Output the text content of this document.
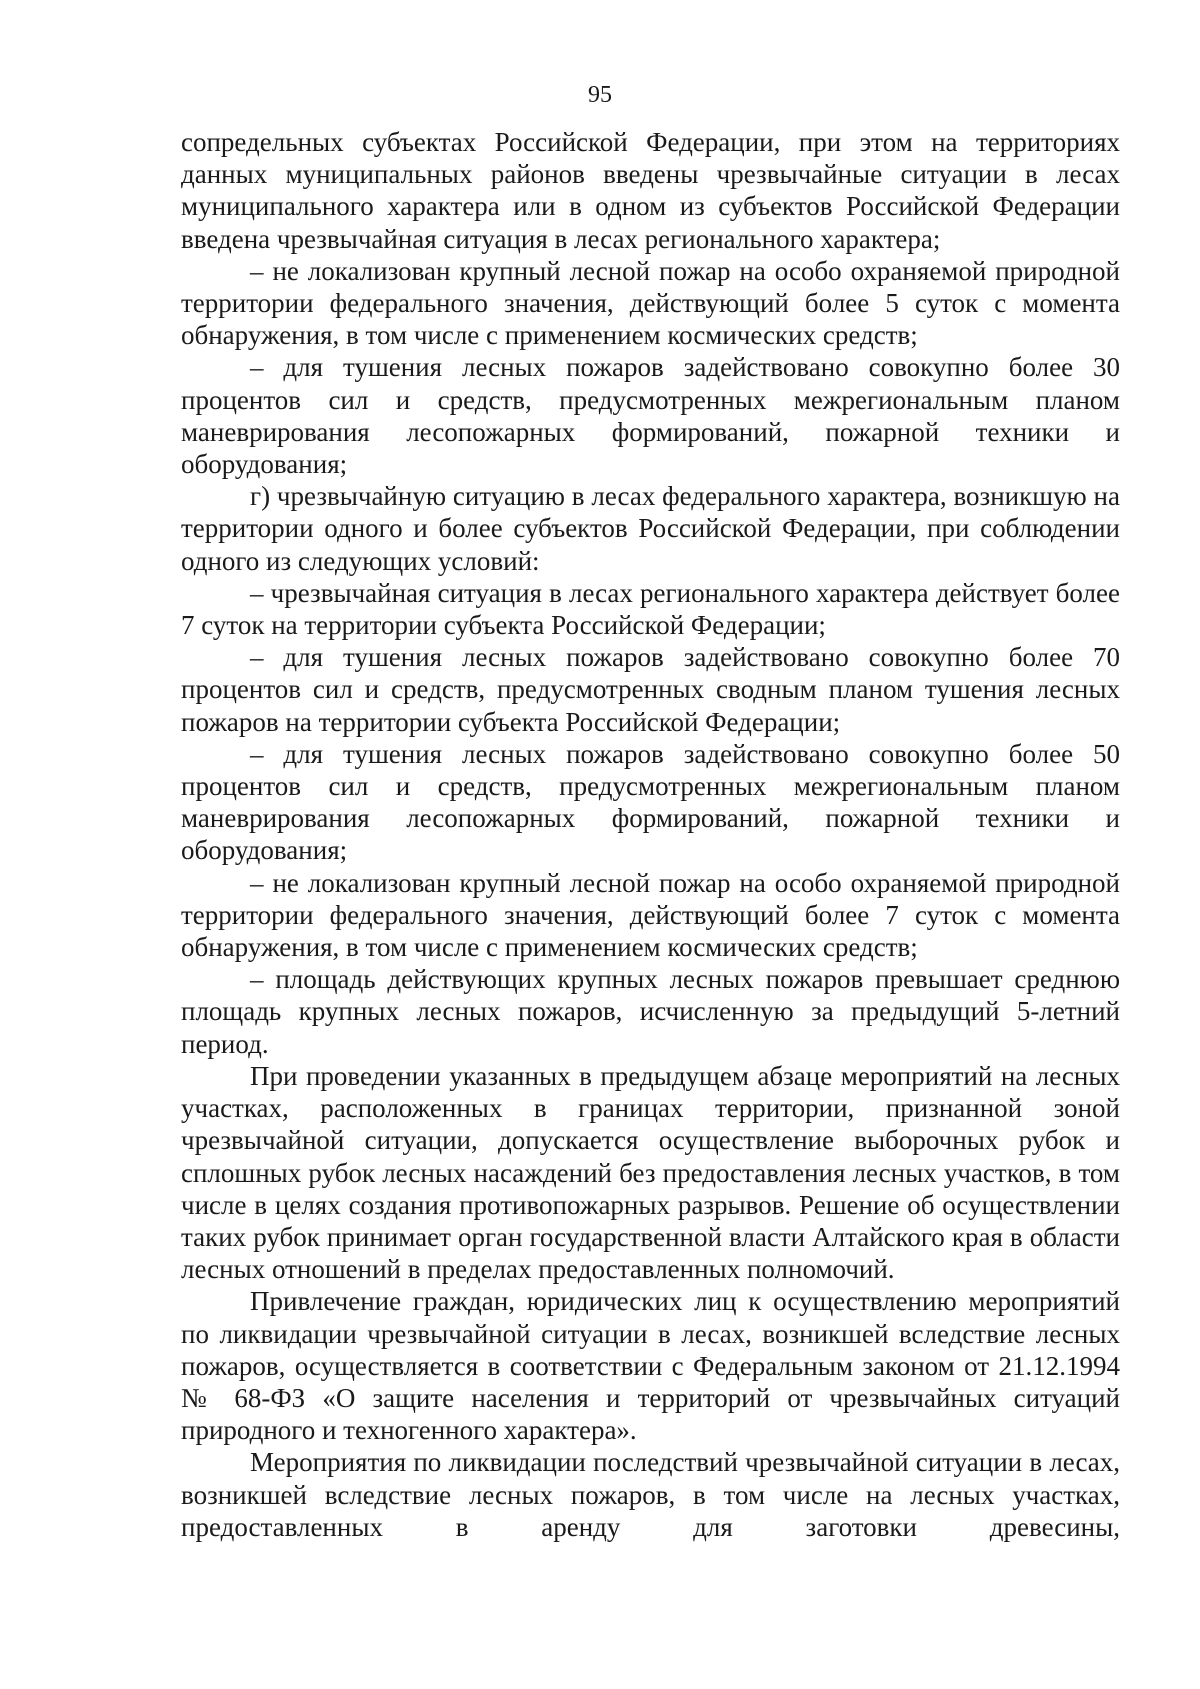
95

сопредельных субъектах Российской Федерации, при этом на территориях данных муниципальных районов введены чрезвычайные ситуации в лесах муниципального характера или в одном из субъектов Российской Федерации введена чрезвычайная ситуация в лесах регионального характера;

– не локализован крупный лесной пожар на особо охраняемой природной территории федерального значения, действующий более 5 суток с момента обнаружения, в том числе с применением космических средств;

– для тушения лесных пожаров задействовано совокупно более 30 процентов сил и средств, предусмотренных межрегиональным планом маневрирования лесопожарных формирований, пожарной техники и оборудования;

г) чрезвычайную ситуацию в лесах федерального характера, возникшую на территории одного и более субъектов Российской Федерации, при соблюдении одного из следующих условий:

– чрезвычайная ситуация в лесах регионального характера действует более 7 суток на территории субъекта Российской Федерации;

– для тушения лесных пожаров задействовано совокупно более 70 процентов сил и средств, предусмотренных сводным планом тушения лесных пожаров на территории субъекта Российской Федерации;

– для тушения лесных пожаров задействовано совокупно более 50 процентов сил и средств, предусмотренных межрегиональным планом маневрирования лесопожарных формирований, пожарной техники и оборудования;

– не локализован крупный лесной пожар на особо охраняемой природной территории федерального значения, действующий более 7 суток с момента обнаружения, в том числе с применением космических средств;

– площадь действующих крупных лесных пожаров превышает среднюю площадь крупных лесных пожаров, исчисленную за предыдущий 5-летний период.

При проведении указанных в предыдущем абзаце мероприятий на лесных участках, расположенных в границах территории, признанной зоной чрезвычайной ситуации, допускается осуществление выборочных рубок и сплошных рубок лесных насаждений без предоставления лесных участков, в том числе в целях создания противопожарных разрывов. Решение об осуществлении таких рубок принимает орган государственной власти Алтайского края в области лесных отношений в пределах предоставленных полномочий.

Привлечение граждан, юридических лиц к осуществлению мероприятий по ликвидации чрезвычайной ситуации в лесах, возникшей вследствие лесных пожаров, осуществляется в соответствии с Федеральным законом от 21.12.1994 № 68-ФЗ «О защите населения и территорий от чрезвычайных ситуаций природного и техногенного характера».

Мероприятия по ликвидации последствий чрезвычайной ситуации в лесах, возникшей вследствие лесных пожаров, в том числе на лесных участках, предоставленных в аренду для заготовки древесины,
